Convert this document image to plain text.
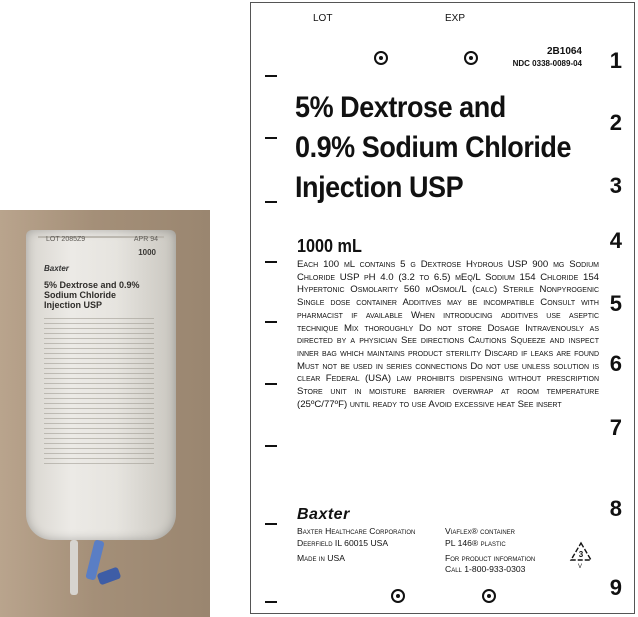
LOT 2085Z9	APR 94
1000
Baxter
5% Dextrose and 0.9% Sodium Chloride Injection USP
LOT	EXP
2B1064
NDC 0338-0089-04
5% Dextrose and
0.9% Sodium Chloride
Injection USP
1000 mL
Each 100 mL contains 5 g Dextrose Hydrous USP 900 mg Sodium Chloride USP pH 4.0 (3.2 to 6.5) mEq/L Sodium 154 Chloride 154 Hypertonic Osmolarity 560 mOsmol/L (calc) Sterile Nonpyrogenic Single dose container Additives may be incompatible Consult with pharmacist if available When introducing additives use aseptic technique Mix thoroughly Do not store Dosage Intravenously as directed by a physician See directions Cautions Squeeze and inspect inner bag which maintains product sterility Discard if leaks are found Must not be used in series connections Do not use unless solution is clear Federal (USA) law prohibits dispensing without prescription Store unit in moisture barrier overwrap at room temperature (25ºC/77ºF) until ready to use Avoid excessive heat See insert
Baxter
Baxter Healthcare Corporation
Deerfield IL 60015 USA
Made in USA
Viaflex® container
PL 146® plastic
For product information
Call 1-800-933-0303
3
V
1
2
3
4
5
6
7
8
9
